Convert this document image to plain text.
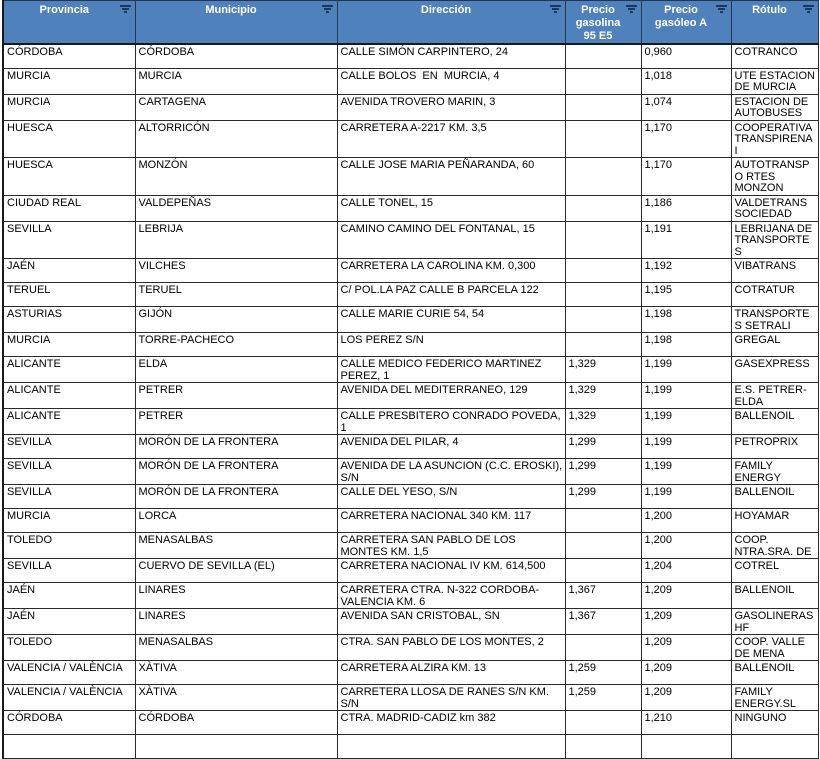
Provincia	Municipio	Dirección	Precio gasolina 95 E5	Precio gasóleo A	Rótulo

CÓRDOBA	CÓRDOBA	CALLE SIMÓN CARPINTERO, 24		0,960	COTRANCO
MURCIA	MURCIA	CALLE BOLOS  EN  MURCIA, 4		1,018	UTE ESTACION DE MURCIA
MURCIA	CARTAGENA	AVENIDA TROVERO MARIN, 3		1,074	ESTACION DE AUTOBUSES
HUESCA	ALTORRICÓN	CARRETERA A-2217 KM. 3,5		1,170	COOPERATIVA TRANSPIRENAI
HUESCA	MONZÓN	CALLE JOSE MARIA PEÑARANDA, 60		1,170	AUTOTRANSPO RTES MONZON
CIUDAD REAL	VALDEPEÑAS	CALLE TONEL, 15		1,186	VALDETRANS SOCIEDAD
SEVILLA	LEBRIJA	CAMINO CAMINO DEL FONTANAL, 15		1,191	LEBRIJANA DE TRANSPORTES
JAÉN	VILCHES	CARRETERA LA CAROLINA KM. 0,300		1,192	VIBATRANS
TERUEL	TERUEL	C/ POL.LA PAZ CALLE B PARCELA 122		1,195	COTRATUR
ASTURIAS	GIJÓN	CALLE MARIE CURIE 54, 54		1,198	TRANSPORTES SETRALI
MURCIA	TORRE-PACHECO	LOS PEREZ S/N		1,198	GREGAL
ALICANTE	ELDA	CALLE MEDICO FEDERICO MARTINEZ PEREZ, 1	1,329	1,199	GASEXPRESS
ALICANTE	PETRER	AVENIDA DEL MEDITERRANEO, 129	1,329	1,199	E.S. PETRER-ELDA
ALICANTE	PETRER	CALLE PRESBITERO CONRADO POVEDA, 1	1,329	1,199	BALLENOIL
SEVILLA	MORÓN DE LA FRONTERA	AVENIDA DEL PILAR, 4	1,299	1,199	PETROPRIX
SEVILLA	MORÓN DE LA FRONTERA	AVENIDA DE LA ASUNCION (C.C. EROSKI), S/N	1,299	1,199	FAMILY ENERGY
SEVILLA	MORÓN DE LA FRONTERA	CALLE DEL YESO, S/N	1,299	1,199	BALLENOIL
MURCIA	LORCA	CARRETERA NACIONAL 340 KM. 117		1,200	HOYAMAR
TOLEDO	MENASALBAS	CARRETERA SAN PABLO DE LOS MONTES KM. 1,5		1,200	COOP. NTRA.SRA. DE
SEVILLA	CUERVO DE SEVILLA (EL)	CARRETERA NACIONAL IV KM. 614,500		1,204	COTREL
JAÉN	LINARES	CARRETERA CTRA. N-322 CORDOBA-VALENCIA KM. 6	1,367	1,209	BALLENOIL
JAÉN	LINARES	AVENIDA SAN CRISTOBAL, SN	1,367	1,209	GASOLINERAS HF
TOLEDO	MENASALBAS	CTRA. SAN PABLO DE LOS MONTES, 2		1,209	COOP. VALLE DE MENA
VALENCIA / VALÈNCIA	XÀTIVA	CARRETERA ALZIRA KM. 13	1,259	1,209	BALLENOIL
VALENCIA / VALÈNCIA	XÀTIVA	CARRETERA LLOSA DE RANES S/N KM. S/N	1,259	1,209	FAMILY ENERGY.SL
CÓRDOBA	CÓRDOBA	CTRA. MADRID-CADIZ km 382		1,210	NINGUNO
